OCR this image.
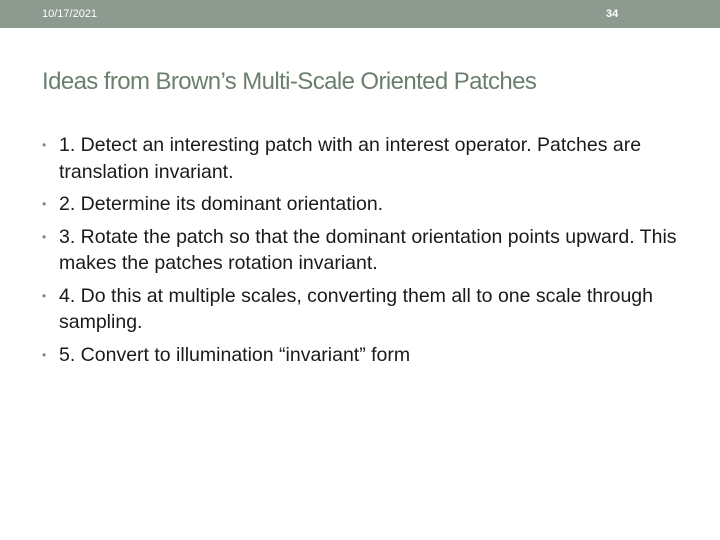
10/17/2021	34
Ideas from Brown’s Multi-Scale Oriented Patches
• 1. Detect an interesting patch with an interest operator. Patches are translation invariant.
• 2. Determine its dominant orientation.
• 3. Rotate the patch so that the dominant orientation points upward. This makes the patches rotation invariant.
• 4. Do this at multiple scales, converting them all to one scale through sampling.
• 5. Convert to illumination “invariant” form
